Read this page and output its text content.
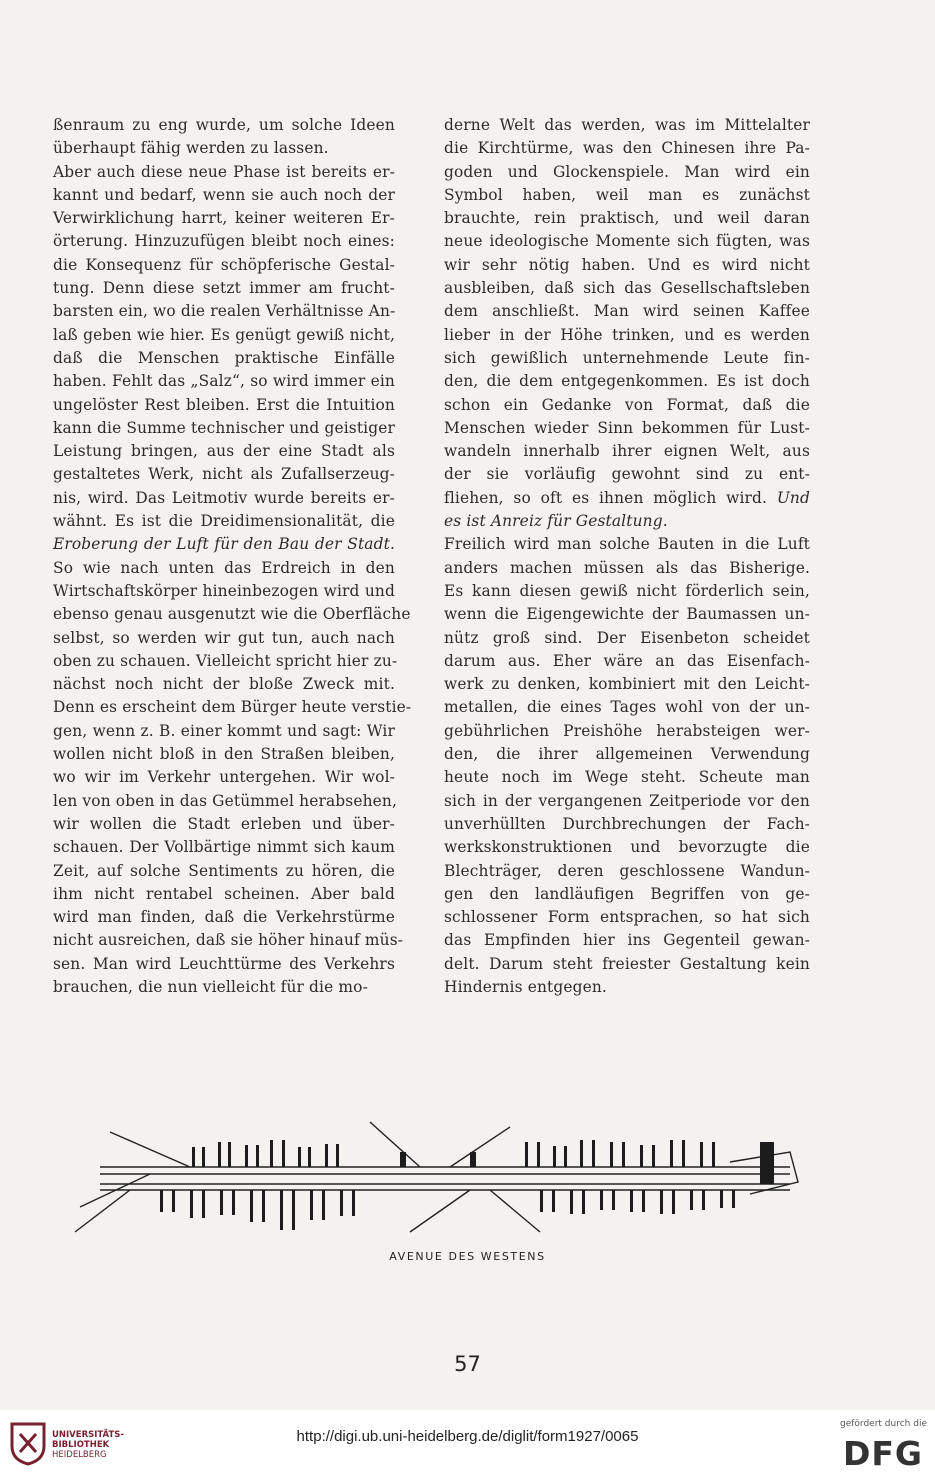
ßenraum zu eng wurde, um solche Ideen
überhaupt fähig werden zu lassen.
Aber auch diese neue Phase ist bereits er-
kannt und bedarf, wenn sie auch noch der
Verwirklichung harrt, keiner weiteren Er-
örterung. Hinzuzufügen bleibt noch eines:
die Konsequenz für schöpferische Gestal-
tung. Denn diese setzt immer am frucht-
barsten ein, wo die realen Verhältnisse An-
laß geben wie hier. Es genügt gewiß nicht,
daß die Menschen praktische Einfälle
haben. Fehlt das „Salz“, so wird immer ein
ungelöster Rest bleiben. Erst die Intuition
kann die Summe technischer und geistiger
Leistung bringen, aus der eine Stadt als
gestaltetes Werk, nicht als Zufallserzeug-
nis, wird. Das Leitmotiv wurde bereits er-
wähnt. Es ist die Dreidimensionalität, die
Eroberung der Luft für den Bau der Stadt.
So wie nach unten das Erdreich in den
Wirtschaftskörper hineinbezogen wird und
ebenso genau ausgenutzt wie die Oberfläche
selbst, so werden wir gut tun, auch nach
oben zu schauen. Vielleicht spricht hier zu-
nächst noch nicht der bloße Zweck mit.
Denn es erscheint dem Bürger heute verstie-
gen, wenn z. B. einer kommt und sagt: Wir
wollen nicht bloß in den Straßen bleiben,
wo wir im Verkehr untergehen. Wir wol-
len von oben in das Getümmel herabsehen,
wir wollen die Stadt erleben und über-
schauen. Der Vollbärtige nimmt sich kaum
Zeit, auf solche Sentiments zu hören, die
ihm nicht rentabel scheinen. Aber bald
wird man finden, daß die Verkehrstürme
nicht ausreichen, daß sie höher hinauf müs-
sen. Man wird Leuchttürme des Verkehrs
brauchen, die nun vielleicht für die mo-
derne Welt das werden, was im Mittelalter
die Kirchtürme, was den Chinesen ihre Pa-
goden und Glockenspiele. Man wird ein
Symbol haben, weil man es zunächst
brauchte, rein praktisch, und weil daran
neue ideologische Momente sich fügten, was
wir sehr nötig haben. Und es wird nicht
ausbleiben, daß sich das Gesellschaftsleben
dem anschließt. Man wird seinen Kaffee
lieber in der Höhe trinken, und es werden
sich gewißlich unternehmende Leute fin-
den, die dem entgegenkommen. Es ist doch
schon ein Gedanke von Format, daß die
Menschen wieder Sinn bekommen für Lust-
wandeln innerhalb ihrer eignen Welt, aus
der sie vorläufig gewohnt sind zu ent-
fliehen, so oft es ihnen möglich wird. Und
es ist Anreiz für Gestaltung.
Freilich wird man solche Bauten in die Luft
anders machen müssen als das Bisherige.
Es kann diesen gewiß nicht förderlich sein,
wenn die Eigengewichte der Baumassen un-
nütz groß sind. Der Eisenbeton scheidet
darum aus. Eher wäre an das Eisenfach-
werk zu denken, kombiniert mit den Leicht-
metallen, die eines Tages wohl von der un-
gebührlichen Preishöhe herabsteigen wer-
den, die ihrer allgemeinen Verwendung
heute noch im Wege steht. Scheute man
sich in der vergangenen Zeitperiode vor den
unverhüllten Durchbrechungen der Fach-
werkskonstruktionen und bevorzugte die
Blechträger, deren geschlossene Wandun-
gen den landläufigen Begriffen von ge-
schlossener Form entsprachen, so hat sich
das Empfinden hier ins Gegenteil gewan-
delt. Darum steht freiester Gestaltung kein
Hindernis entgegen.
AVENUE DES WESTENS
57
UNIVERSITÄTS-
BIBLIOTHEK
HEIDELBERG
http://digi.ub.uni-heidelberg.de/diglit/form1927/0065
gefördert durch die
DFG
